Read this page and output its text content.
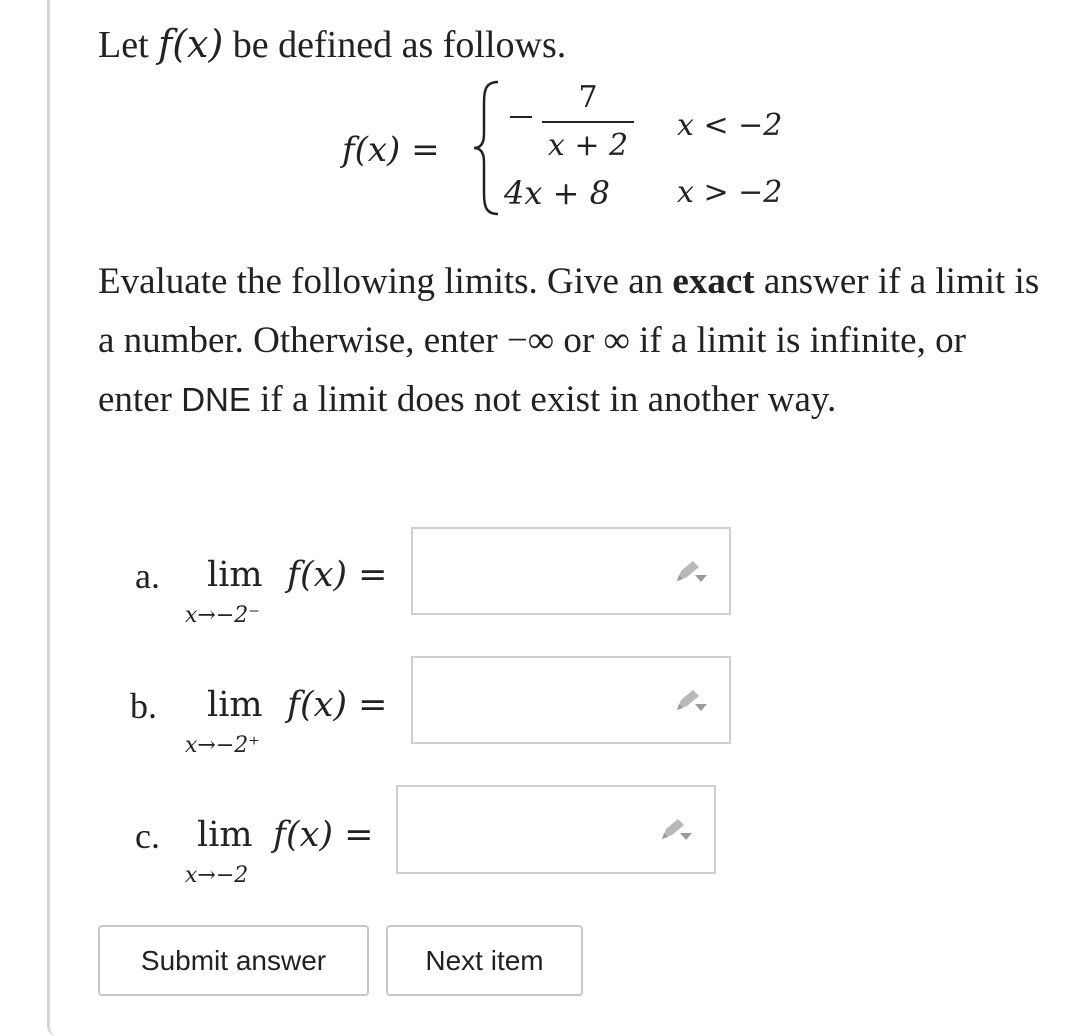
Let f(x) be defined as follows.
f(x) =
7
x + 2
x < −2
4x + 8 x > −2
Evaluate the following limits. Give an exact answer if a limit is a number. Otherwise, enter −∞ or ∞ if a limit is infinite, or enter DNE if a limit does not exist in another way.
a. lim
x→−2⁻
f(x) =
b. lim
x→−2⁺
f(x) =
c. lim
x→−2
f(x) =
Submit answer	Next item
